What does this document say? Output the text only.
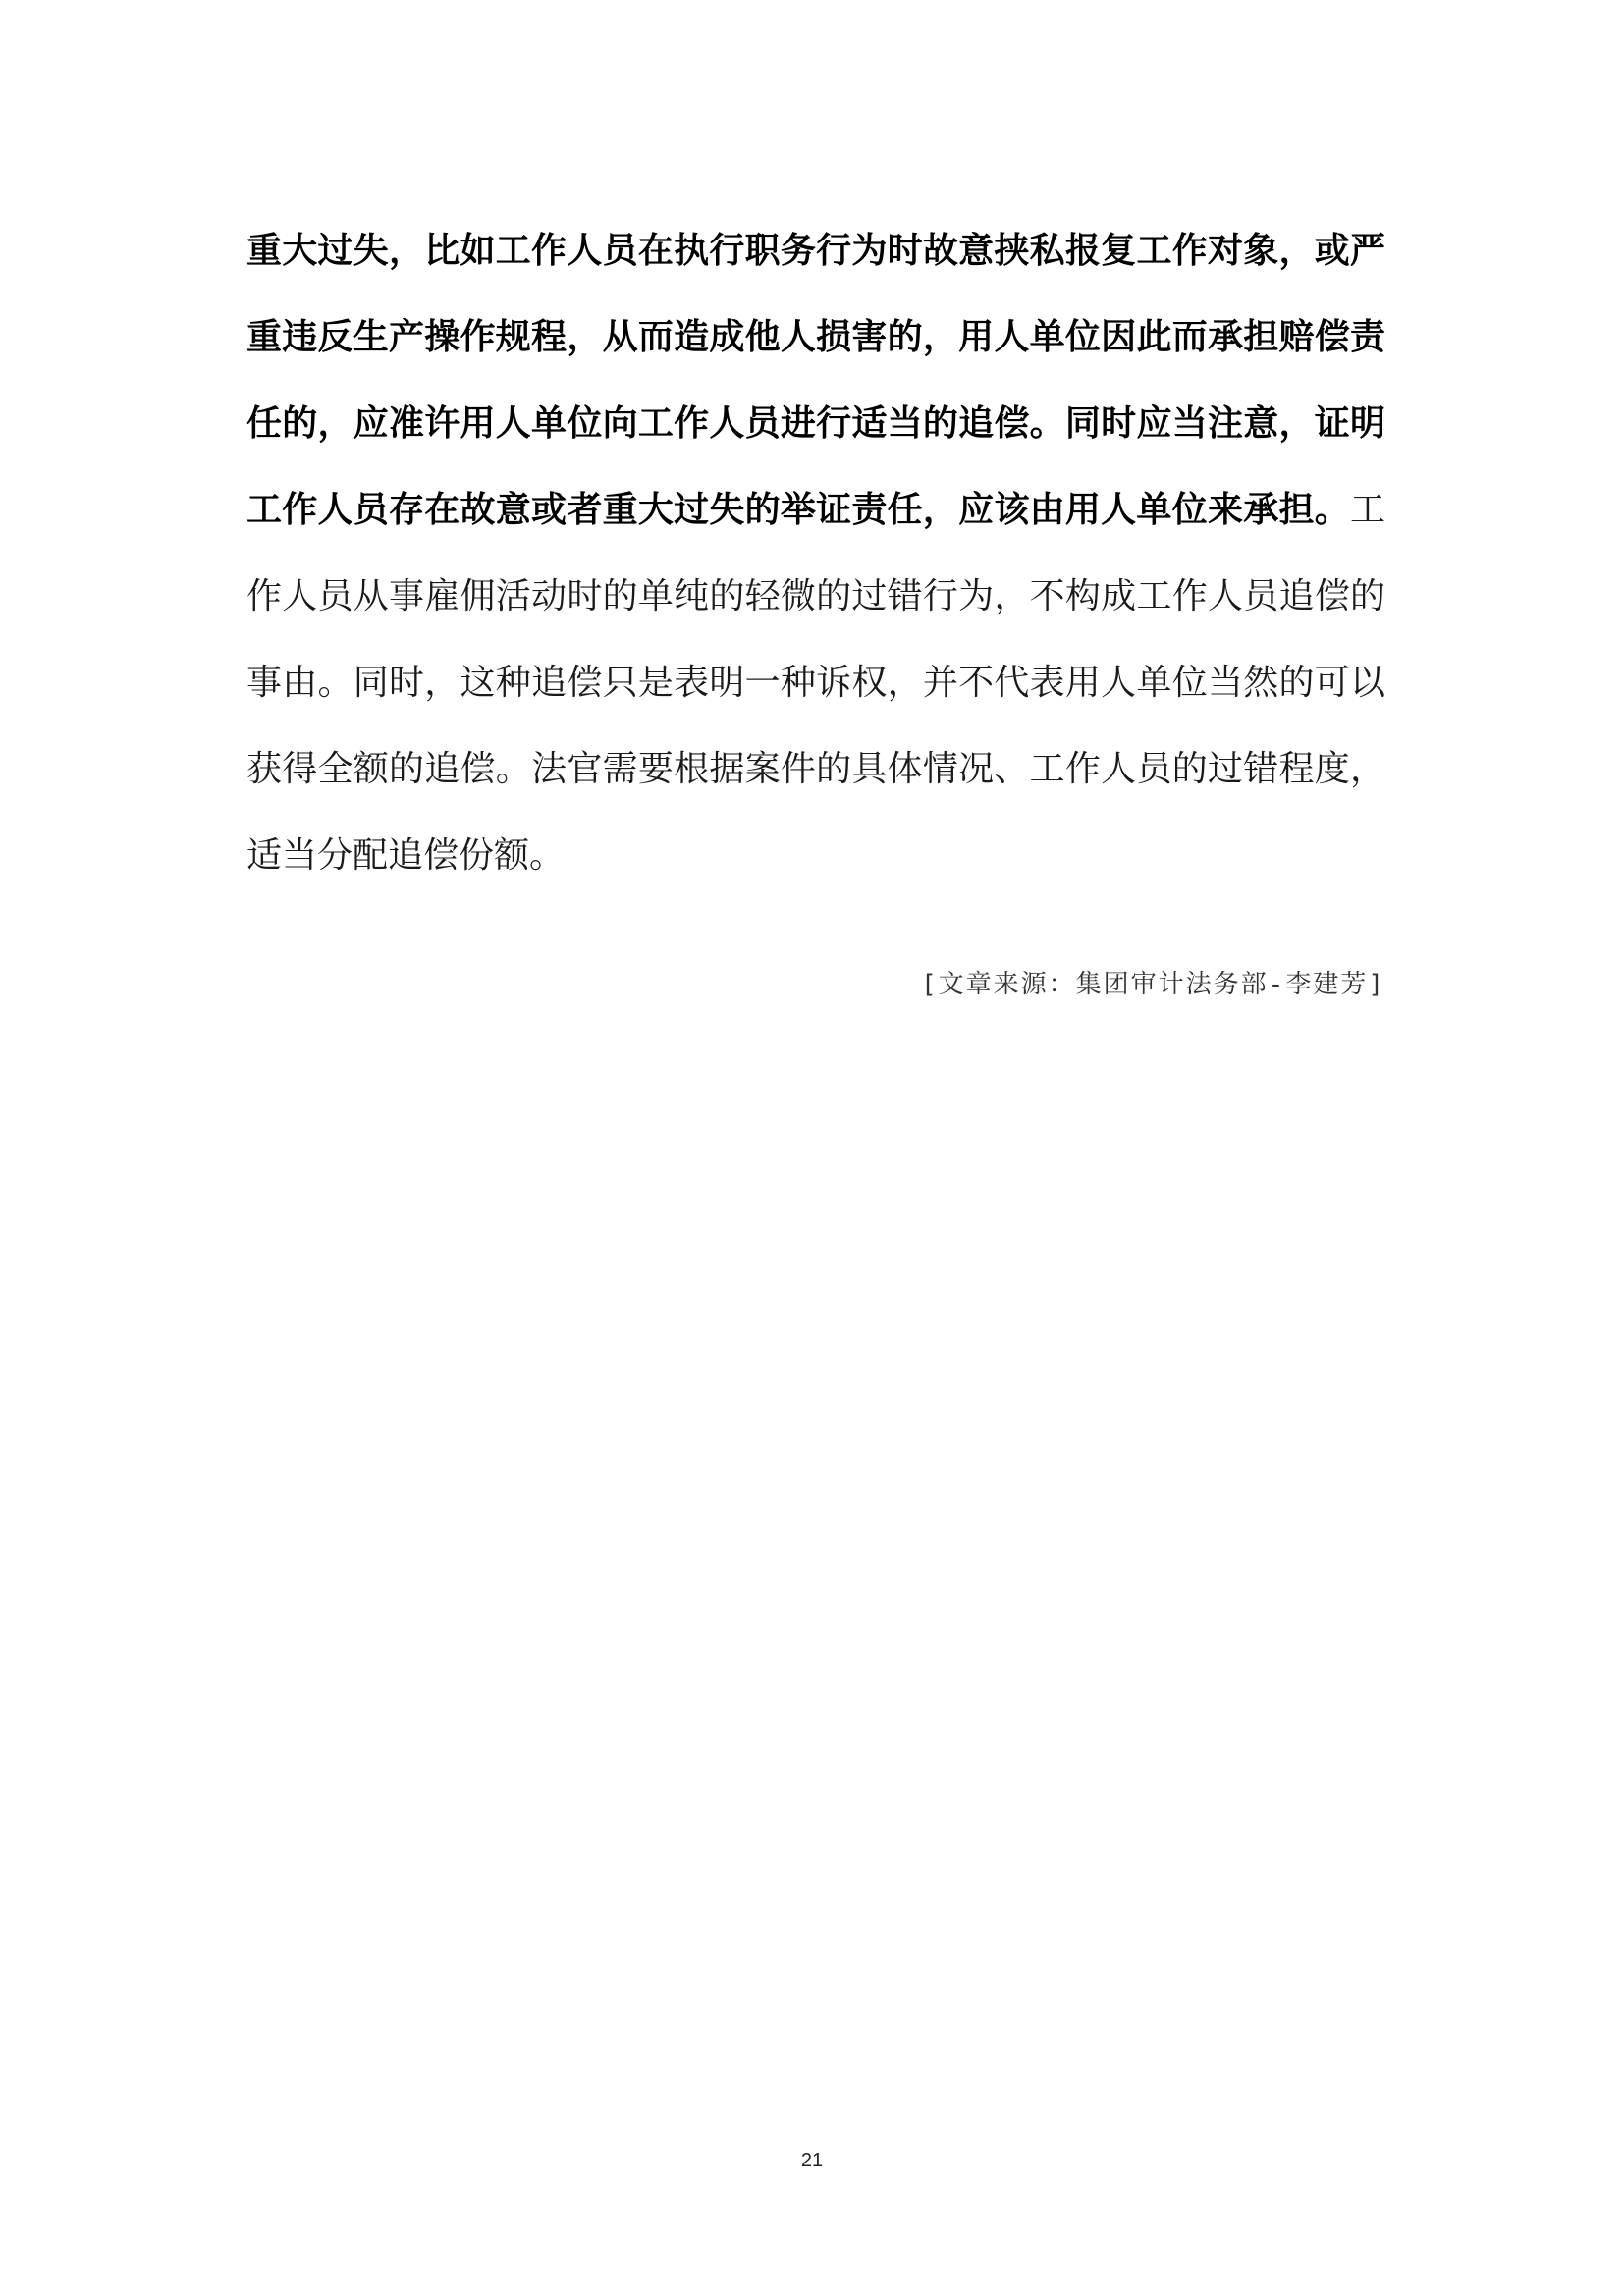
重大过失，比如工作人员在执行职务行为时故意挟私报复工作对象，或严重违反生产操作规程，从而造成他人损害的，用人单位因此而承担赔偿责任的，应准许用人单位向工作人员进行适当的追偿。同时应当注意，证明工作人员存在故意或者重大过失的举证责任，应该由用人单位来承担。工作人员从事雇佣活动时的单纯的轻微的过错行为，不构成工作人员追偿的事由。同时，这种追偿只是表明一种诉权，并不代表用人单位当然的可以获得全额的追偿。法官需要根据案件的具体情况、工作人员的过错程度，适当分配追偿份额。

[文章来源：集团审计法务部-李建芳]

21
